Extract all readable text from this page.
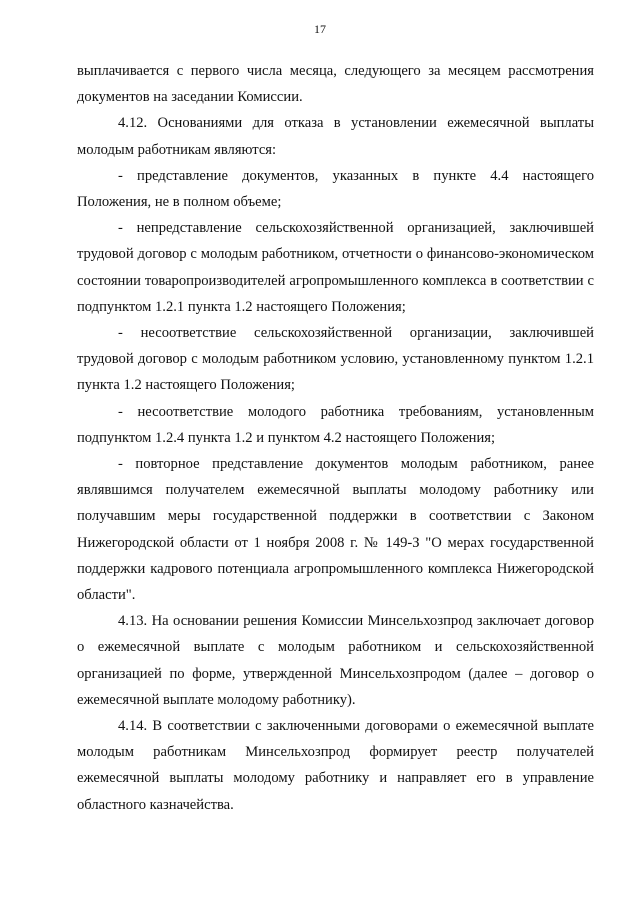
17

выплачивается с первого числа месяца, следующего за месяцем рассмотрения документов на заседании Комиссии.

4.12. Основаниями для отказа в установлении ежемесячной выплаты молодым работникам являются:

- представление документов, указанных в пункте 4.4 настоящего Положения, не в полном объеме;

- непредставление сельскохозяйственной организацией, заключившей трудовой договор с молодым работником, отчетности о финансово-экономическом состоянии товаропроизводителей агропромышленного комплекса в соответствии с подпунктом 1.2.1 пункта 1.2 настоящего Положения;

- несоответствие сельскохозяйственной организации, заключившей трудовой договор с молодым работником условию, установленному пунктом 1.2.1 пункта 1.2 настоящего Положения;

- несоответствие молодого работника требованиям, установленным подпунктом 1.2.4 пункта 1.2 и пунктом 4.2 настоящего Положения;

- повторное представление документов молодым работником, ранее являвшимся получателем ежемесячной выплаты молодому работнику или получавшим меры государственной поддержки в соответствии с Законом Нижегородской области от 1 ноября 2008 г. № 149-З "О мерах государственной поддержки кадрового потенциала агропромышленного комплекса Нижегородской области".

4.13. На основании решения Комиссии Минсельхозпрод заключает договор о ежемесячной выплате с молодым работником и сельскохозяйственной организацией по форме, утвержденной Минсельхозпродом (далее – договор о ежемесячной выплате молодому работнику).

4.14. В соответствии с заключенными договорами о ежемесячной выплате молодым работникам Минсельхозпрод формирует реестр получателей ежемесячной выплаты молодому работнику и направляет его в управление областного казначейства.
